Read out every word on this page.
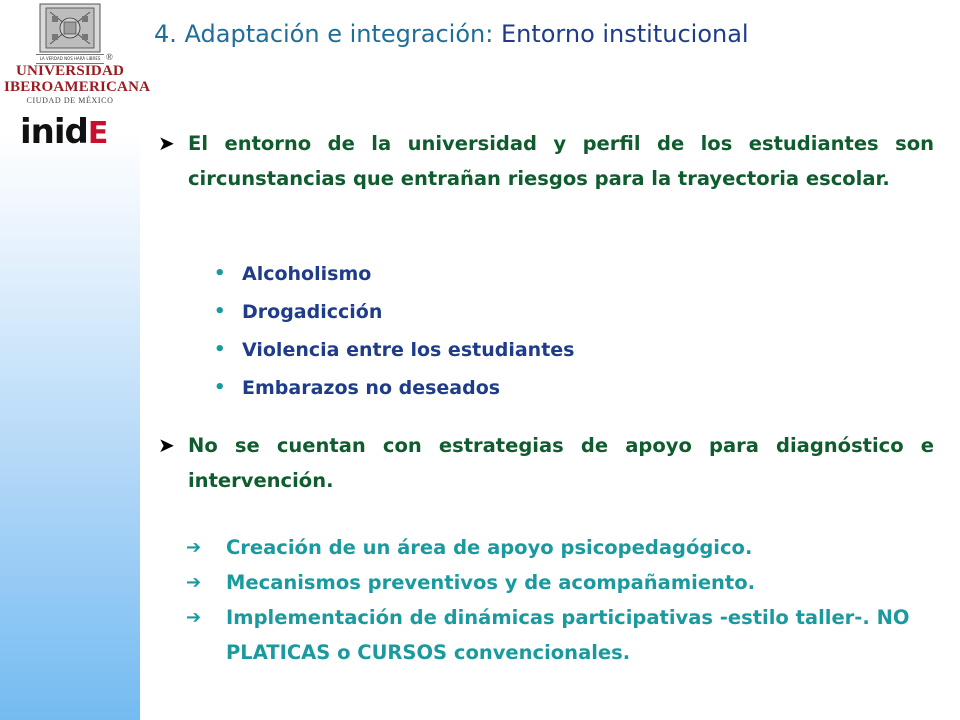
LA VERDAD NOS HARÁ LIBRES ®
UNIVERSIDAD
IBEROAMERICANA
CIUDAD DE MÉXICO
inidE
4. Adaptación e integración: Entorno institucional
➤ El entorno de la universidad y perfil de los estudiantes son circunstancias que entrañan riesgos para la trayectoria escolar.
• Alcoholismo
• Drogadicción
• Violencia entre los estudiantes
• Embarazos no deseados
➤ No se cuentan con estrategias de apoyo para diagnóstico e intervención.
➔ Creación de un área de apoyo psicopedagógico.
➔ Mecanismos preventivos y de acompañamiento.
➔ Implementación de dinámicas participativas -estilo taller-. NO PLATICAS o CURSOS convencionales.
